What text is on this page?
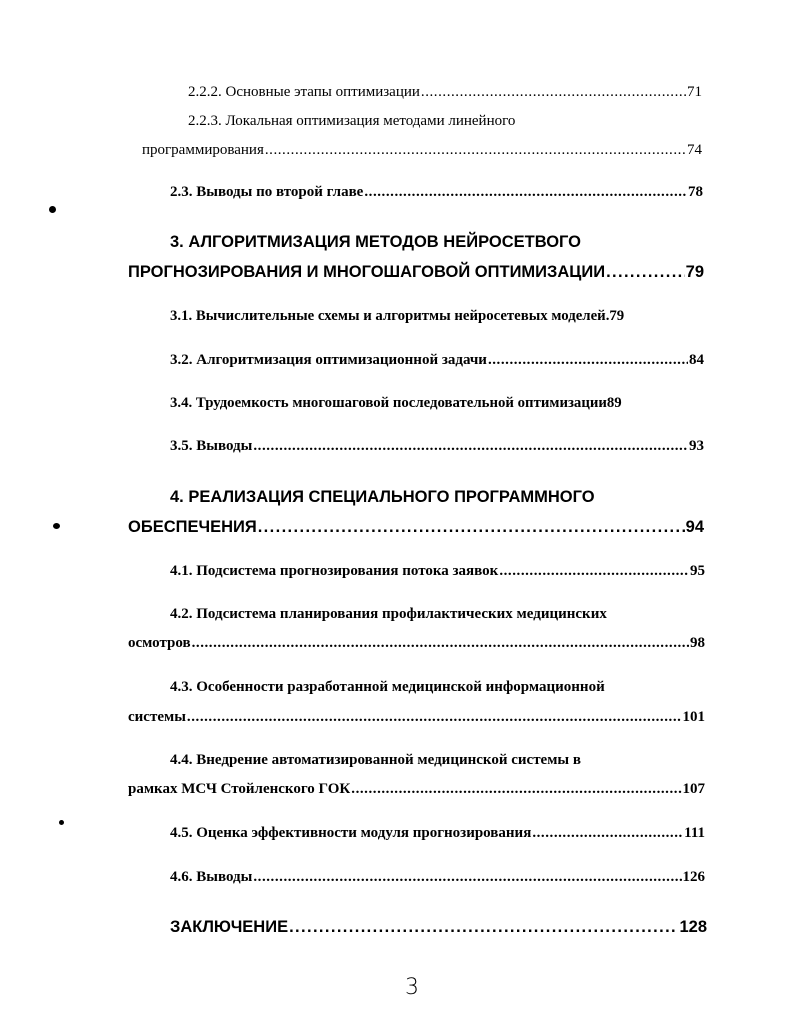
2.2.2. Основные этапы оптимизации . . .	71
2.2.3. Локальная оптимизация методами линейного
программирования . . .	74
2.3. Выводы по второй главе . . .	78
3. АЛГОРИТМИЗАЦИЯ МЕТОДОВ НЕЙРОСЕТВОГО
ПРОГНОЗИРОВАНИЯ И МНОГОШАГОВОЙ ОПТИМИЗАЦИИ . . .	79
3.1. Вычислительные схемы и алгоритмы нейросетевых моделей.79
3.2. Алгоритмизация оптимизационной задачи . . .	84
3.4. Трудоемкость многошаговой последовательной оптимизации89
3.5. Выводы . . .	93
4. РЕАЛИЗАЦИЯ СПЕЦИАЛЬНОГО ПРОГРАММНОГО
ОБЕСПЕЧЕНИЯ . . .	94
4.1. Подсистема прогнозирования потока заявок . . .	95
4.2. Подсистема планирования профилактических медицинских
осмотров . . .	98
4.3. Особенности разработанной медицинской информационной
системы . . .	101
4.4. Внедрение автоматизированной медицинской системы в
рамках МСЧ Стойленского ГОК . . .	107
4.5. Оценка эффективности модуля прогнозирования . . .	111
4.6. Выводы . . .	126
ЗАКЛЮЧЕНИЕ . . .	128
3
